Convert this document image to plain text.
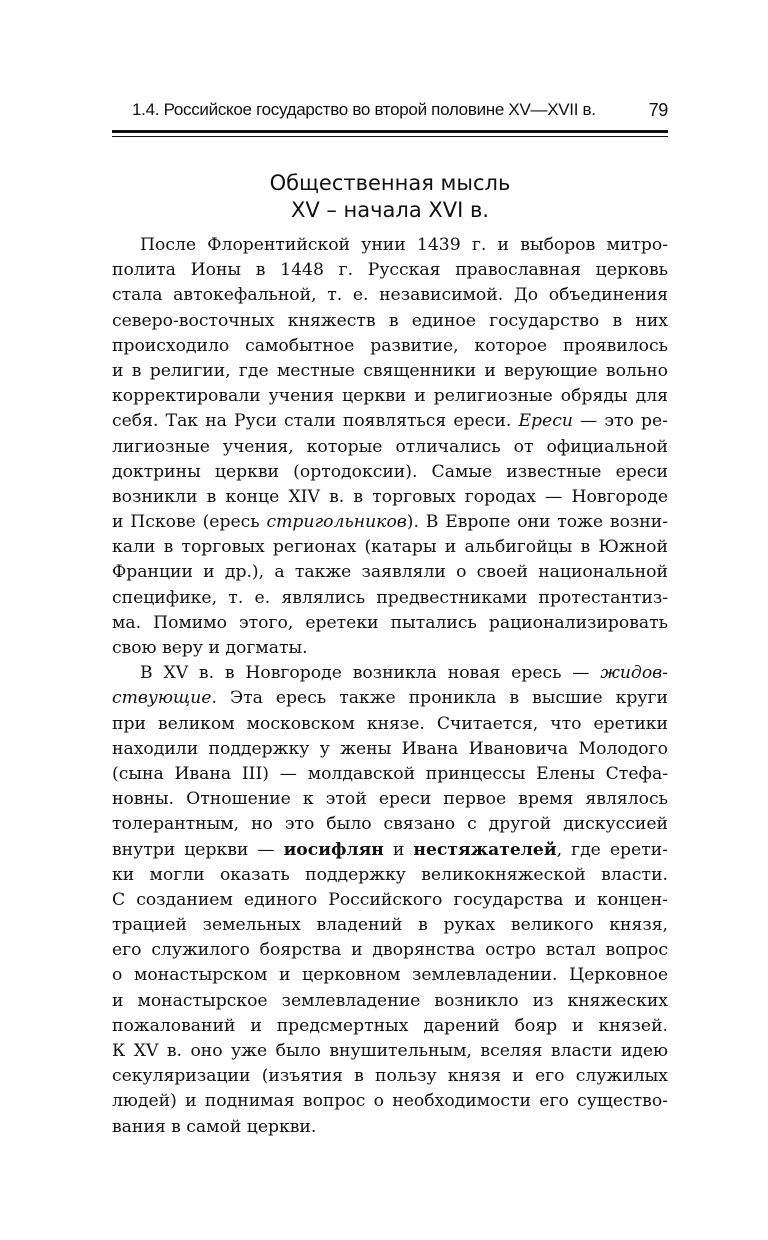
1.4. Российское государство во второй половине XV—XVII в.	79
Общественная мысль
XV – начала XVI в.
После Флорентийской унии 1439 г. и выборов митро-
полита Ионы в 1448 г. Русская православная церковь
стала автокефальной, т. е. независимой. До объединения
северо-восточных княжеств в единое государство в них
происходило самобытное развитие, которое проявилось
и в религии, где местные священники и верующие вольно
корректировали учения церкви и религиозные обряды для
себя. Так на Руси стали появляться ереси. Ереси — это ре-
лигиозные учения, которые отличались от официальной
доктрины церкви (ортодоксии). Самые известные ереси
возникли в конце XIV в. в торговых городах — Новгороде
и Пскове (ересь стригольников). В Европе они тоже возни-
кали в торговых регионах (катары и альбигойцы в Южной
Франции и др.), а также заявляли о своей национальной
специфике, т. е. являлись предвестниками протестантиз-
ма. Помимо этого, еретеки пытались рационализировать
свою веру и догматы.
В XV в. в Новгороде возникла новая ересь — жидов-
ствующие. Эта ересь также проникла в высшие круги
при великом московском князе. Считается, что еретики
находили поддержку у жены Ивана Ивановича Молодого
(сына Ивана III) — молдавской принцессы Елены Стефа-
новны. Отношение к этой ереси первое время являлось
толерантным, но это было связано с другой дискуссией
внутри церкви — иосифлян и нестяжателей, где ерети-
ки могли оказать поддержку великокняжеской власти.
С созданием единого Российского государства и концен-
трацией земельных владений в руках великого князя,
его служилого боярства и дворянства остро встал вопрос
о монастырском и церковном землевладении. Церковное
и монастырское землевладение возникло из княжеских
пожалований и предсмертных дарений бояр и князей.
К XV в. оно уже было внушительным, вселяя власти идею
секуляризации (изъятия в пользу князя и его служилых
людей) и поднимая вопрос о необходимости его существо-
вания в самой церкви.
